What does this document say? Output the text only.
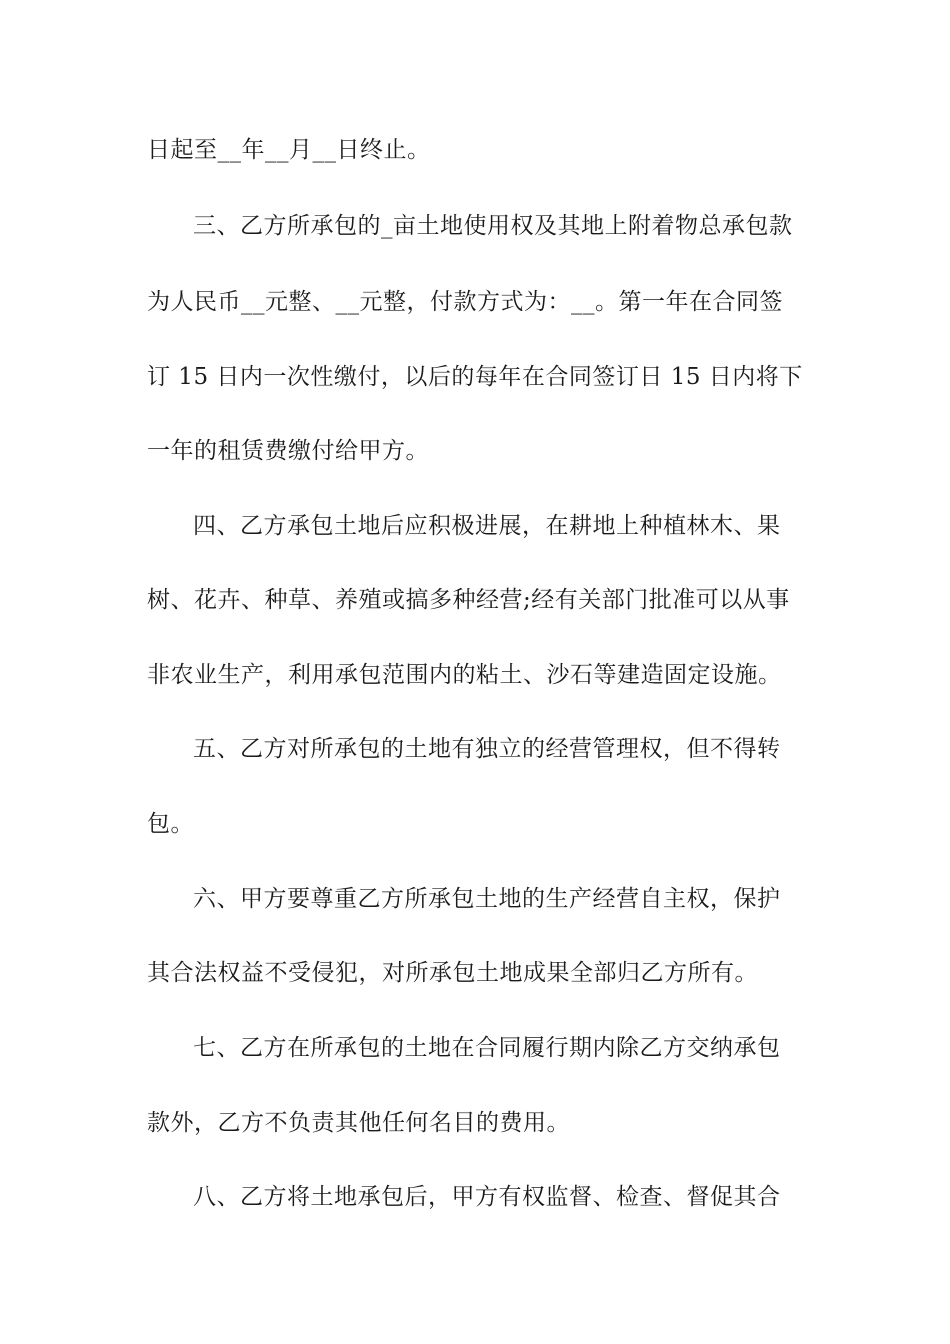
日起至__年__月__日终止。
三、乙方所承包的_亩土地使用权及其地上附着物总承包款
为人民币__元整、__元整，付款方式为：__。第一年在合同签
订 15 日内一次性缴付，以后的每年在合同签订日 15 日内将下
一年的租赁费缴付给甲方。
四、乙方承包土地后应积极进展，在耕地上种植林木、果
树、花卉、种草、养殖或搞多种经营;经有关部门批准可以从事
非农业生产，利用承包范围内的粘土、沙石等建造固定设施。
五、乙方对所承包的土地有独立的经营管理权，但不得转
包。
六、甲方要尊重乙方所承包土地的生产经营自主权，保护
其合法权益不受侵犯，对所承包土地成果全部归乙方所有。
七、乙方在所承包的土地在合同履行期内除乙方交纳承包
款外，乙方不负责其他任何名目的费用。
八、乙方将土地承包后，甲方有权监督、检查、督促其合
